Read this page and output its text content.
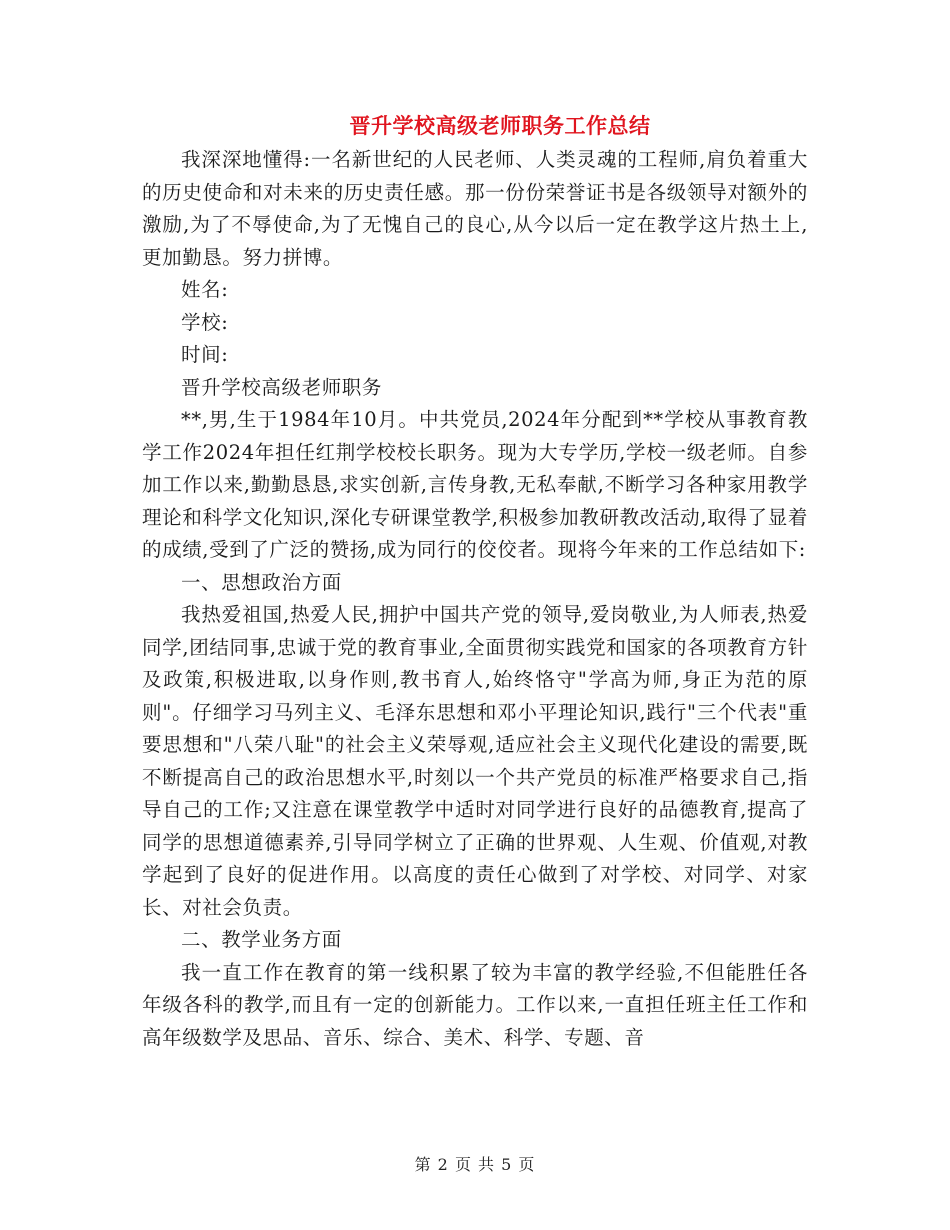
晋升学校高级老师职务工作总结

我深深地懂得:一名新世纪的人民老师、人类灵魂的工程师,肩负着重大的历史使命和对未来的历史责任感。那一份份荣誉证书是各级领导对额外的激励,为了不辱使命,为了无愧自己的良心,从今以后一定在教学这片热土上,更加勤恳。努力拼博。

姓名:

学校:

时间:

晋升学校高级老师职务

**,男,生于1984年10月。中共党员,2024年分配到**学校从事教育教学工作2024年担任红荆学校校长职务。现为大专学历,学校一级老师。自参加工作以来,勤勤恳恳,求实创新,言传身教,无私奉献,不断学习各种家用教学理论和科学文化知识,深化专研课堂教学,积极参加教研教改活动,取得了显着的成绩,受到了广泛的赞扬,成为同行的佼佼者。现将今年来的工作总结如下:

一、思想政治方面

我热爱祖国,热爱人民,拥护中国共产党的领导,爱岗敬业,为人师表,热爱同学,团结同事,忠诚于党的教育事业,全面贯彻实践党和国家的各项教育方针及政策,积极进取,以身作则,教书育人,始终恪守"学高为师,身正为范的原则"。仔细学习马列主义、毛泽东思想和邓小平理论知识,践行"三个代表"重要思想和"八荣八耻"的社会主义荣辱观,适应社会主义现代化建设的需要,既不断提高自己的政治思想水平,时刻以一个共产党员的标准严格要求自己,指导自己的工作;又注意在课堂教学中适时对同学进行良好的品德教育,提高了同学的思想道德素养,引导同学树立了正确的世界观、人生观、价值观,对教学起到了良好的促进作用。以高度的责任心做到了对学校、对同学、对家长、对社会负责。

二、教学业务方面

我一直工作在教育的第一线积累了较为丰富的教学经验,不但能胜任各年级各科的教学,而且有一定的创新能力。工作以来,一直担任班主任工作和高年级数学及思品、音乐、综合、美术、科学、专题、音

第 2 页 共 5 页
